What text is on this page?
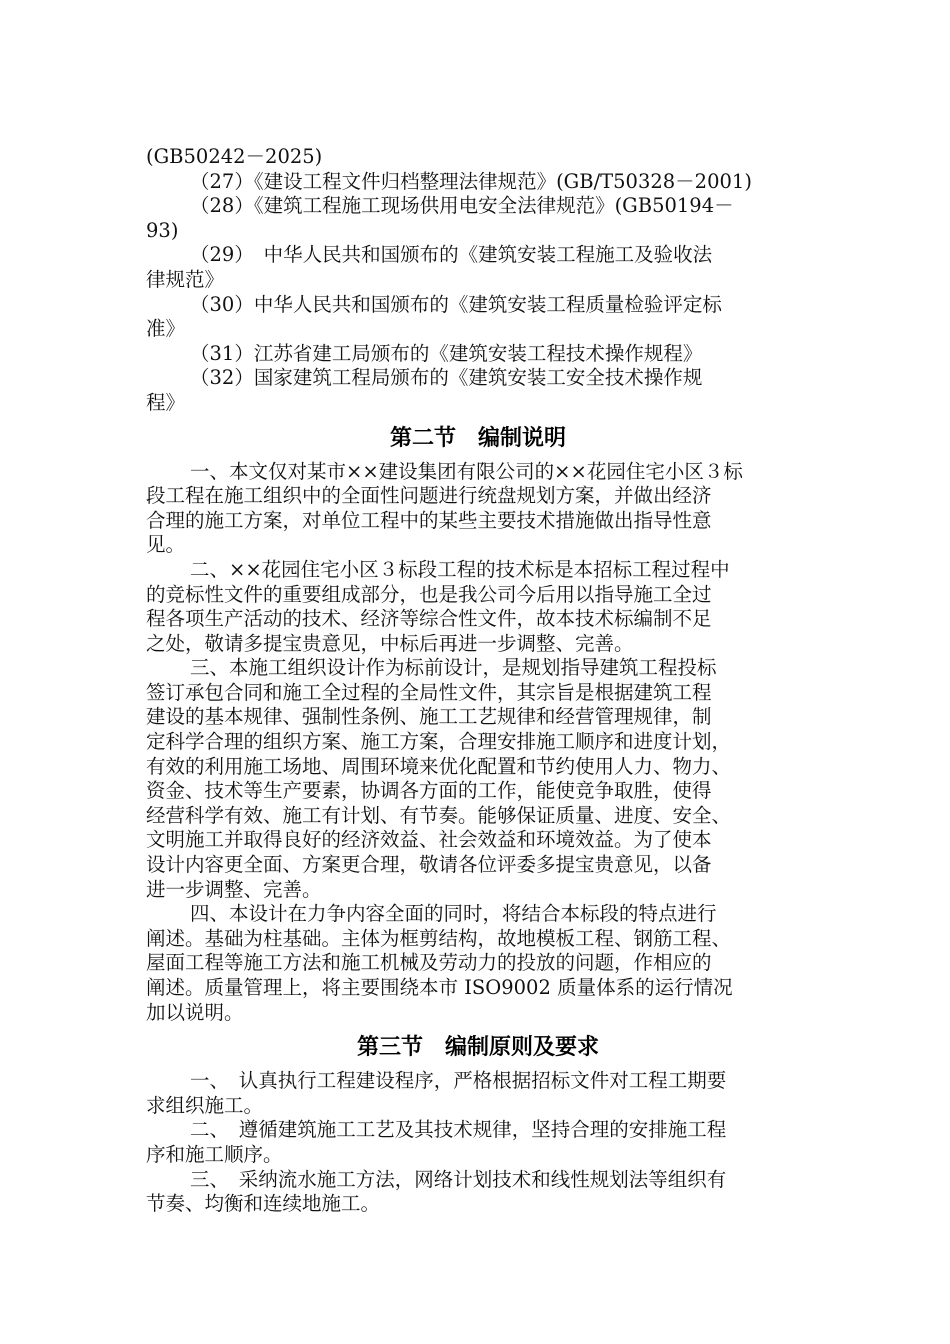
(GB50242－2025)
（27）《建设工程文件归档整理法律规范》(GB/T50328－2001)
（28）《建筑工程施工现场供用电安全法律规范》(GB50194－
93)
（29）　中华人民共和国颁布的《建筑安装工程施工及验收法
律规范》
（30）中华人民共和国颁布的《建筑安装工程质量检验评定标
准》
（31）江苏省建工局颁布的《建筑安装工程技术操作规程》
（32）国家建筑工程局颁布的《建筑安装工安全技术操作规
程》
第二节　编制说明
一、本文仅对某市××建设集团有限公司的××花园住宅小区３标
段工程在施工组织中的全面性问题进行统盘规划方案，并做出经济
合理的施工方案，对单位工程中的某些主要技术措施做出指导性意
见。
二、××花园住宅小区３标段工程的技术标是本招标工程过程中
的竞标性文件的重要组成部分，也是我公司今后用以指导施工全过
程各项生产活动的技术、经济等综合性文件，故本技术标编制不足
之处，敬请多提宝贵意见，中标后再进一步调整、完善。
三、本施工组织设计作为标前设计，是规划指导建筑工程投标
签订承包合同和施工全过程的全局性文件，其宗旨是根据建筑工程
建设的基本规律、强制性条例、施工工艺规律和经营管理规律，制
定科学合理的组织方案、施工方案，合理安排施工顺序和进度计划，
有效的利用施工场地、周围环境来优化配置和节约使用人力、物力、
资金、技术等生产要素，协调各方面的工作，能使竞争取胜，使得
经营科学有效、施工有计划、有节奏。能够保证质量、进度、安全、
文明施工并取得良好的经济效益、社会效益和环境效益。为了使本
设计内容更全面、方案更合理，敬请各位评委多提宝贵意见，以备
进一步调整、完善。
四、本设计在力争内容全面的同时，将结合本标段的特点进行
阐述。基础为柱基础。主体为框剪结构，故地模板工程、钢筋工程、
屋面工程等施工方法和施工机械及劳动力的投放的问题，作相应的
阐述。质量管理上，将主要围绕本市 ISO9002 质量体系的运行情况
加以说明。
第三节　编制原则及要求
一、　认真执行工程建设程序，严格根据招标文件对工程工期要
求组织施工。
二、　遵循建筑施工工艺及其技术规律，坚持合理的安排施工程
序和施工顺序。
三、　采纳流水施工方法，网络计划技术和线性规划法等组织有
节奏、均衡和连续地施工。
